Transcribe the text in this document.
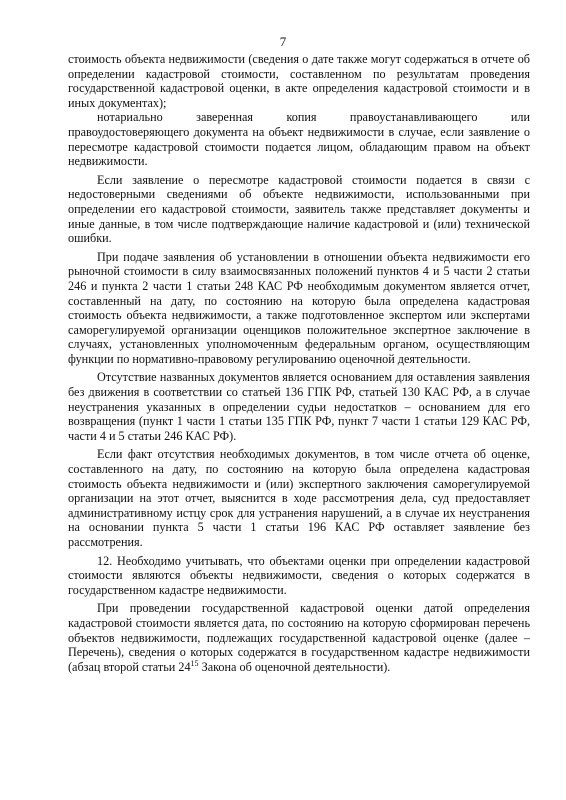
7

стоимость объекта недвижимости (сведения о дате также могут содержаться в отчете об определении кадастровой стоимости, составленном по результатам проведения государственной кадастровой оценки, в акте определения кадастровой стоимости и в иных документах);

нотариально заверенная копия правоустанавливающего или правоудостоверяющего документа на объект недвижимости в случае, если заявление о пересмотре кадастровой стоимости подается лицом, обладающим правом на объект недвижимости.

Если заявление о пересмотре кадастровой стоимости подается в связи с недостоверными сведениями об объекте недвижимости, использованными при определении его кадастровой стоимости, заявитель также представляет документы и иные данные, в том числе подтверждающие наличие кадастровой и (или) технической ошибки.

При подаче заявления об установлении в отношении объекта недвижимости его рыночной стоимости в силу взаимосвязанных положений пунктов 4 и 5 части 2 статьи 246 и пункта 2 части 1 статьи 248 КАС РФ необходимым документом является отчет, составленный на дату, по состоянию на которую была определена кадастровая стоимость объекта недвижимости, а также подготовленное экспертом или экспертами саморегулируемой организации оценщиков положительное экспертное заключение в случаях, установленных уполномоченным федеральным органом, осуществляющим функции по нормативно-правовому регулированию оценочной деятельности.

Отсутствие названных документов является основанием для оставления заявления без движения в соответствии со статьей 136 ГПК РФ, статьей 130 КАС РФ, а в случае неустранения указанных в определении судьи недостатков – основанием для его возвращения (пункт 1 части 1 статьи 135 ГПК РФ, пункт 7 части 1 статьи 129 КАС РФ, части 4 и 5 статьи 246 КАС РФ).

Если факт отсутствия необходимых документов, в том числе отчета об оценке, составленного на дату, по состоянию на которую была определена кадастровая стоимость объекта недвижимости и (или) экспертного заключения саморегулируемой организации на этот отчет, выяснится в ходе рассмотрения дела, суд предоставляет административному истцу срок для устранения нарушений, а в случае их неустранения на основании пункта 5 части 1 статьи 196 КАС РФ оставляет заявление без рассмотрения.

12. Необходимо учитывать, что объектами оценки при определении кадастровой стоимости являются объекты недвижимости, сведения о которых содержатся в государственном кадастре недвижимости.

При проведении государственной кадастровой оценки датой определения кадастровой стоимости является дата, по состоянию на которую сформирован перечень объектов недвижимости, подлежащих государственной кадастровой оценке (далее – Перечень), сведения о которых содержатся в государственном кадастре недвижимости (абзац второй статьи $24^{15}$ Закона об оценочной деятельности).
